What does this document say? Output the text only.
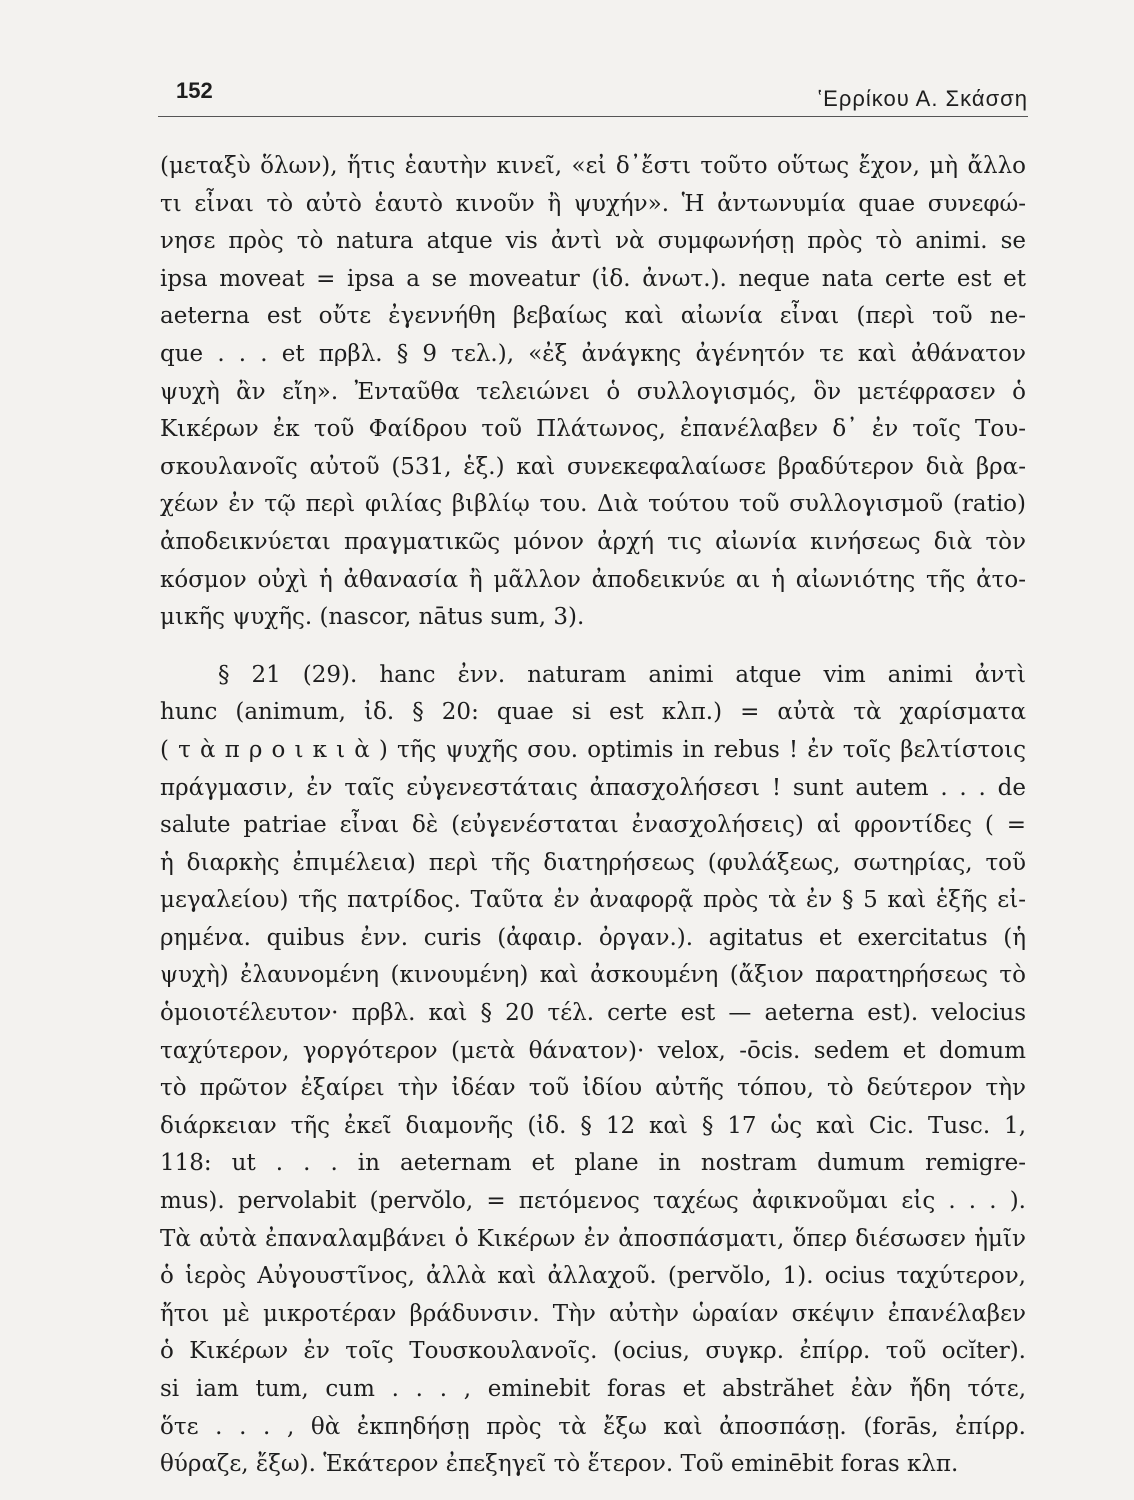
152	ʽΕρρίκου Α. Σκάσση
(μεταξὺ ὅλων), ἥτις ἑαυτὴν κινεῖ, «εἰ δ᾽ἔστι τοῦτο οὕτως ἔχον, μὴ ἄλλο
τι εἶναι τὸ αὐτὸ ἑαυτὸ κινοῦν ἢ ψυχήν». Ἡ ἀντωνυμία quae συνεφώ-
νησε πρὸς τὸ natura atque vis ἀντὶ νὰ συμφωνήσῃ πρὸς τὸ animi. se
ipsa moveat = ipsa a se moveatur (ἰδ. ἀνωτ.). neque nata certe est et
aeterna est οὔτε ἐγεννήθη βεβαίως καὶ αἰωνία εἶναι (περὶ τοῦ ne-
que . . . et πρβλ. § 9 τελ.), «ἐξ ἀνάγκης ἀγένητόν τε καὶ ἀθάνατον
ψυχὴ ἂν εἴη». Ἐνταῦθα τελειώνει ὁ συλλογισμός, ὃν μετέφρασεν ὁ
Κικέρων ἐκ τοῦ Φαίδρου τοῦ Πλάτωνος, ἐπανέλαβεν δ᾽ ἐν τοῖς Του-
σκουλανοῖς αὐτοῦ (531, ἑξ.) καὶ συνεκεφαλαίωσε βραδύτερον διὰ βρα-
χέων ἐν τῷ περὶ φιλίας βιβλίῳ του. Διὰ τούτου τοῦ συλλογισμοῦ (ratio)
ἀποδεικνύεται πραγματικῶς μόνον ἀρχή τις αἰωνία κινήσεως διὰ τὸν
κόσμον οὐχὶ ἡ ἀθανασία ἢ μᾶλλον ἀποδεικνύε αι ἡ αἰωνιότης τῆς ἀτο-
μικῆς ψυχῆς. (nascor, nātus sum, 3).
§ 21 (29). hanc ἐνν. naturam animi atque vim animi ἀντὶ
hunc (animum, ἰδ. § 20: quae si est κλπ.) = αὐτὰ τὰ χαρίσματα
( τ ὰ π ρ ο ι κ ι ὰ ) τῆς ψυχῆς σου. optimis in rebus ! ἐν τοῖς βελτίστοις
πράγμασιν, ἐν ταῖς εὐγενεστάταις ἀπασχολήσεσι ! sunt autem . . . de
salute patriae εἶναι δὲ (εὐγενέσταται ἐνασχολήσεις) αἱ φροντίδες ( =
ἡ διαρκὴς ἐπιμέλεια) περὶ τῆς διατηρήσεως (φυλάξεως, σωτηρίας, τοῦ
μεγαλείου) τῆς πατρίδος. Ταῦτα ἐν ἀναφορᾷ πρὸς τὰ ἐν § 5 καὶ ἑξῆς εἰ-
ρημένα. quibus ἐνν. curis (ἀφαιρ. ὀργαν.). agitatus et exercitatus (ἡ
ψυχὴ) ἐλαυνομένη (κινουμένη) καὶ ἀσκουμένη (ἄξιον παρατηρήσεως τὸ
ὁμοιοτέλευτον· πρβλ. καὶ § 20 τέλ. certe est — aeterna est). velocius
ταχύτερον, γοργότερον (μετὰ θάνατον)· velox, -ōcis. sedem et domum
τὸ πρῶτον ἐξαίρει τὴν ἰδέαν τοῦ ἰδίου αὐτῆς τόπου, τὸ δεύτερον τὴν
διάρκειαν τῆς ἐκεῖ διαμονῆς (ἰδ. § 12 καὶ § 17 ὡς καὶ Cic. Tusc. 1,
118: ut . . . in aeternam et plane in nostram dumum remigre-
mus). pervolabit (pervŏlo, = πετόμενος ταχέως ἀφικνοῦμαι εἰς . . . ).
Τὰ αὐτὰ ἐπαναλαμβάνει ὁ Κικέρων ἐν ἀποσπάσματι, ὅπερ διέσωσεν ἡμῖν
ὁ ἱερὸς Αὐγουστῖνος, ἀλλὰ καὶ ἀλλαχοῦ. (pervŏlo, 1). ocius ταχύτερον,
ἤτοι μὲ μικροτέραν βράδυνσιν. Τὴν αὐτὴν ὡραίαν σκέψιν ἐπανέλαβεν
ὁ Κικέρων ἐν τοῖς Τουσκουλανοῖς. (ocius, συγκρ. ἐπίρρ. τοῦ ocĭter).
si iam tum, cum . . . , eminebit foras et abstrăhet ἐὰν ἤδη τότε,
ὅτε . . . , θὰ ἐκπηδήσῃ πρὸς τὰ ἔξω καὶ ἀποσπάσῃ. (forās, ἐπίρρ.
θύραζε, ἔξω). Ἑκάτερον ἐπεξηγεῖ τὸ ἕτερον. Τοῦ eminēbit foras κλπ.
